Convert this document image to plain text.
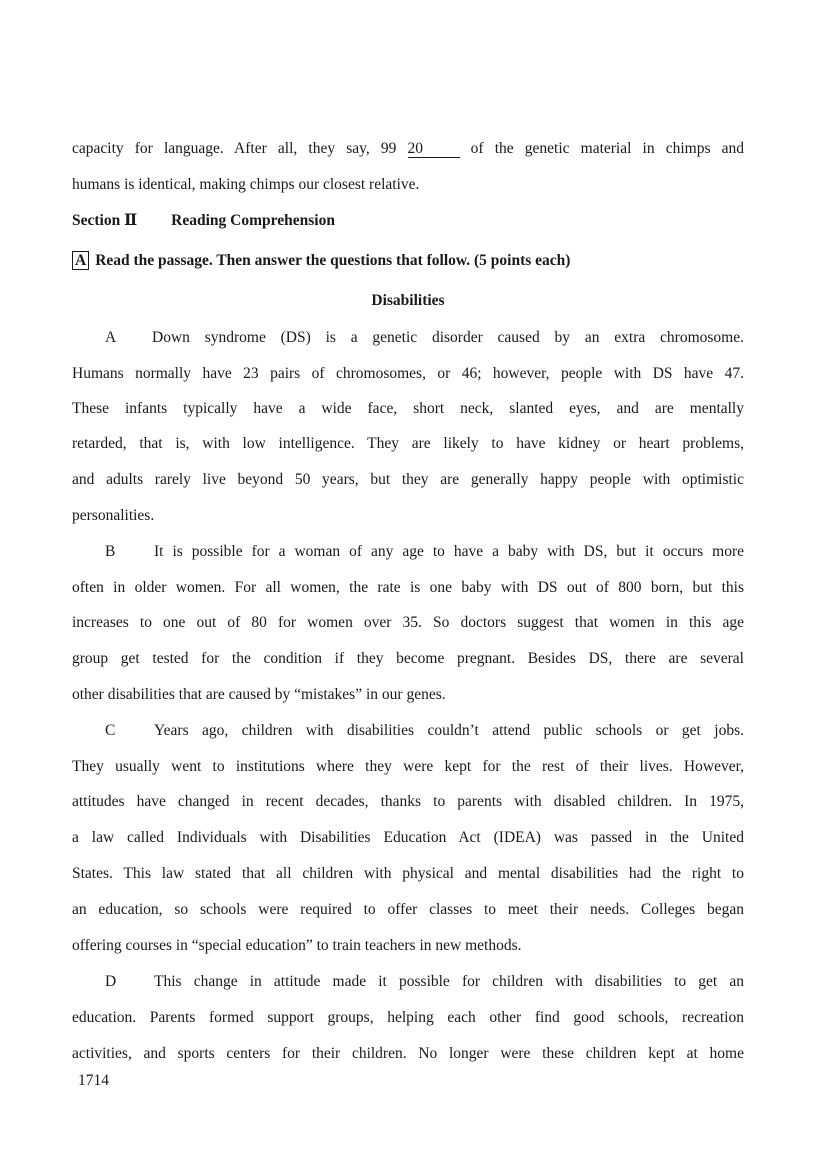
capacity for language. After all, they say, 99 20	of the genetic material in chimps and
humans is identical, making chimps our closest relative.
Section Ⅱ Reading Comprehension
A Read the passage. Then answer the questions that follow. (5 points each)
Disabilities
A Down syndrome (DS) is a genetic disorder caused by an extra chromosome.
Humans normally have 23 pairs of chromosomes, or 46; however, people with DS have 47.
These infants typically have a wide face, short neck, slanted eyes, and are mentally
retarded, that is, with low intelligence. They are likely to have kidney or heart problems,
and adults rarely live beyond 50 years, but they are generally happy people with optimistic
personalities.
B It is possible for a woman of any age to have a baby with DS, but it occurs more
often in older women. For all women, the rate is one baby with DS out of 800 born, but this
increases to one out of 80 for women over 35. So doctors suggest that women in this age
group get tested for the condition if they become pregnant. Besides DS, there are several
other disabilities that are caused by “mistakes” in our genes.
C Years ago, children with disabilities couldn’t attend public schools or get jobs.
They usually went to institutions where they were kept for the rest of their lives. However,
attitudes have changed in recent decades, thanks to parents with disabled children. In 1975,
a law called Individuals with Disabilities Education Act (IDEA) was passed in the United
States. This law stated that all children with physical and mental disabilities had the right to
an education, so schools were required to offer classes to meet their needs. Colleges began
offering courses in “special education” to train teachers in new methods.
D This change in attitude made it possible for children with disabilities to get an
education. Parents formed support groups, helping each other find good schools, recreation
activities, and sports centers for their children. No longer were these children kept at home
1714
